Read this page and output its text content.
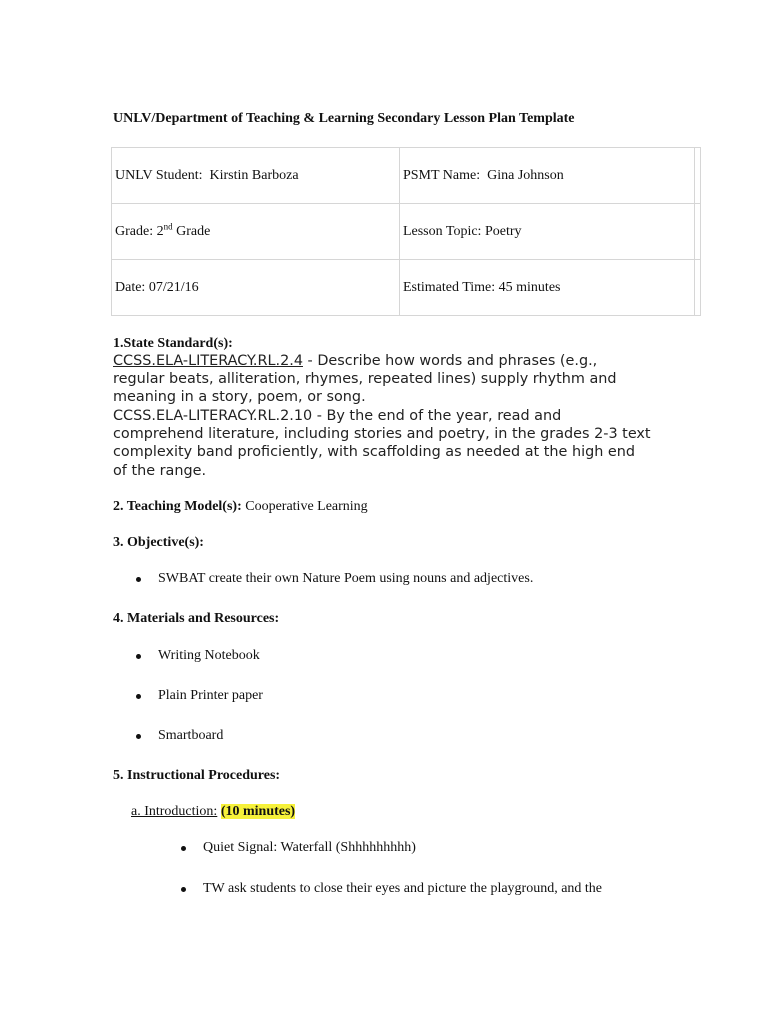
UNLV/Department of Teaching & Learning Secondary Lesson Plan Template
UNLV Student: Kirstin Barboza	PSMT Name: Gina Johnson	
Grade: 2nd Grade	Lesson Topic: Poetry	
Date: 07/21/16	Estimated Time: 45 minutes	
1.State Standard(s):
CCSS.ELA-LITERACY.RL.2.4 - Describe how words and phrases (e.g., regular beats, alliteration, rhymes, repeated lines) supply rhythm and meaning in a story, poem, or song.
CCSS.ELA-LITERACY.RL.2.10 - By the end of the year, read and comprehend literature, including stories and poetry, in the grades 2-3 text complexity band proficiently, with scaffolding as needed at the high end of the range.
2. Teaching Model(s): Cooperative Learning
3. Objective(s):
SWBAT create their own Nature Poem using nouns and adjectives.
4. Materials and Resources:
Writing Notebook
Plain Printer paper
Smartboard
5. Instructional Procedures:
a. Introduction: (10 minutes)
Quiet Signal: Waterfall (Shhhhhhhhh)
TW ask students to close their eyes and picture the playground, and the
